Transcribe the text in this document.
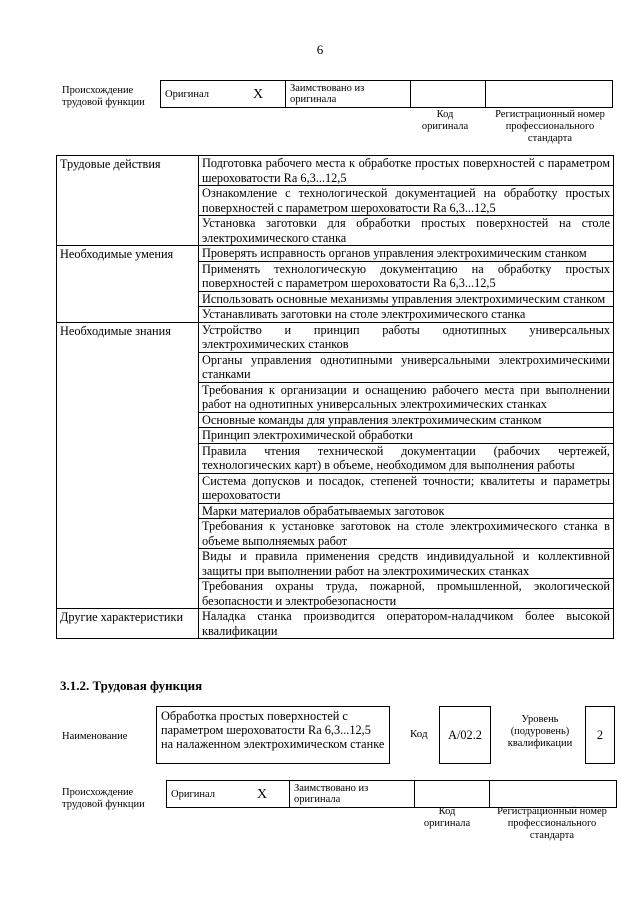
6
Происхождение
трудовой функции
Оригинал	X	Заимствовано из
оригинала

Код
оригинала
Регистрационный номер
профессионального
стандарта
Трудовые действия	Подготовка рабочего места к обработке простых поверхностей с параметром шероховатости Ra 6,3...12,5
	Ознакомление с технологической документацией на обработку простых поверхностей с параметром шероховатости Ra 6,3...12,5
	Установка заготовки для обработки простых поверхностей на столе электрохимического станка
Необходимые умения	Проверять исправность органов управления электрохимическим станком
	Применять технологическую документацию на обработку простых поверхностей с параметром шероховатости Ra 6,3...12,5
	Использовать основные механизмы управления электрохимическим станком
	Устанавливать заготовки на столе электрохимического станка
Необходимые знания	Устройство и принцип работы однотипных универсальных электрохимических станков
	Органы управления однотипными универсальными электрохимическими станками
	Требования к организации и оснащению рабочего места при выполнении работ на однотипных универсальных электрохимических станках
	Основные команды для управления электрохимическим станком
	Принцип электрохимической обработки
	Правила чтения технической документации (рабочих чертежей, технологических карт) в объеме, необходимом для выполнения работы
	Система допусков и посадок, степеней точности; квалитеты и параметры шероховатости
	Марки материалов обрабатываемых заготовок
	Требования к установке заготовок на столе электрохимического станка в объеме выполняемых работ
	Виды и правила применения средств индивидуальной и коллективной защиты при выполнении работ на электрохимических станках
	Требования охраны труда, пожарной, промышленной, экологической безопасности и электробезопасности
Другие характеристики	Наладка станка производится оператором-наладчиком более высокой квалификации
3.1.2. Трудовая функция
Наименование
Обработка простых поверхностей с параметром шероховатости Ra 6,3...12,5 на налаженном электрохимическом станке
Код	A/02.2
Уровень
(подуровень)
квалификации
2
Происхождение
трудовой функции
Оригинал	X	Заимствовано из
оригинала

Код
оригинала
Регистрационный номер
профессионального
стандарта
